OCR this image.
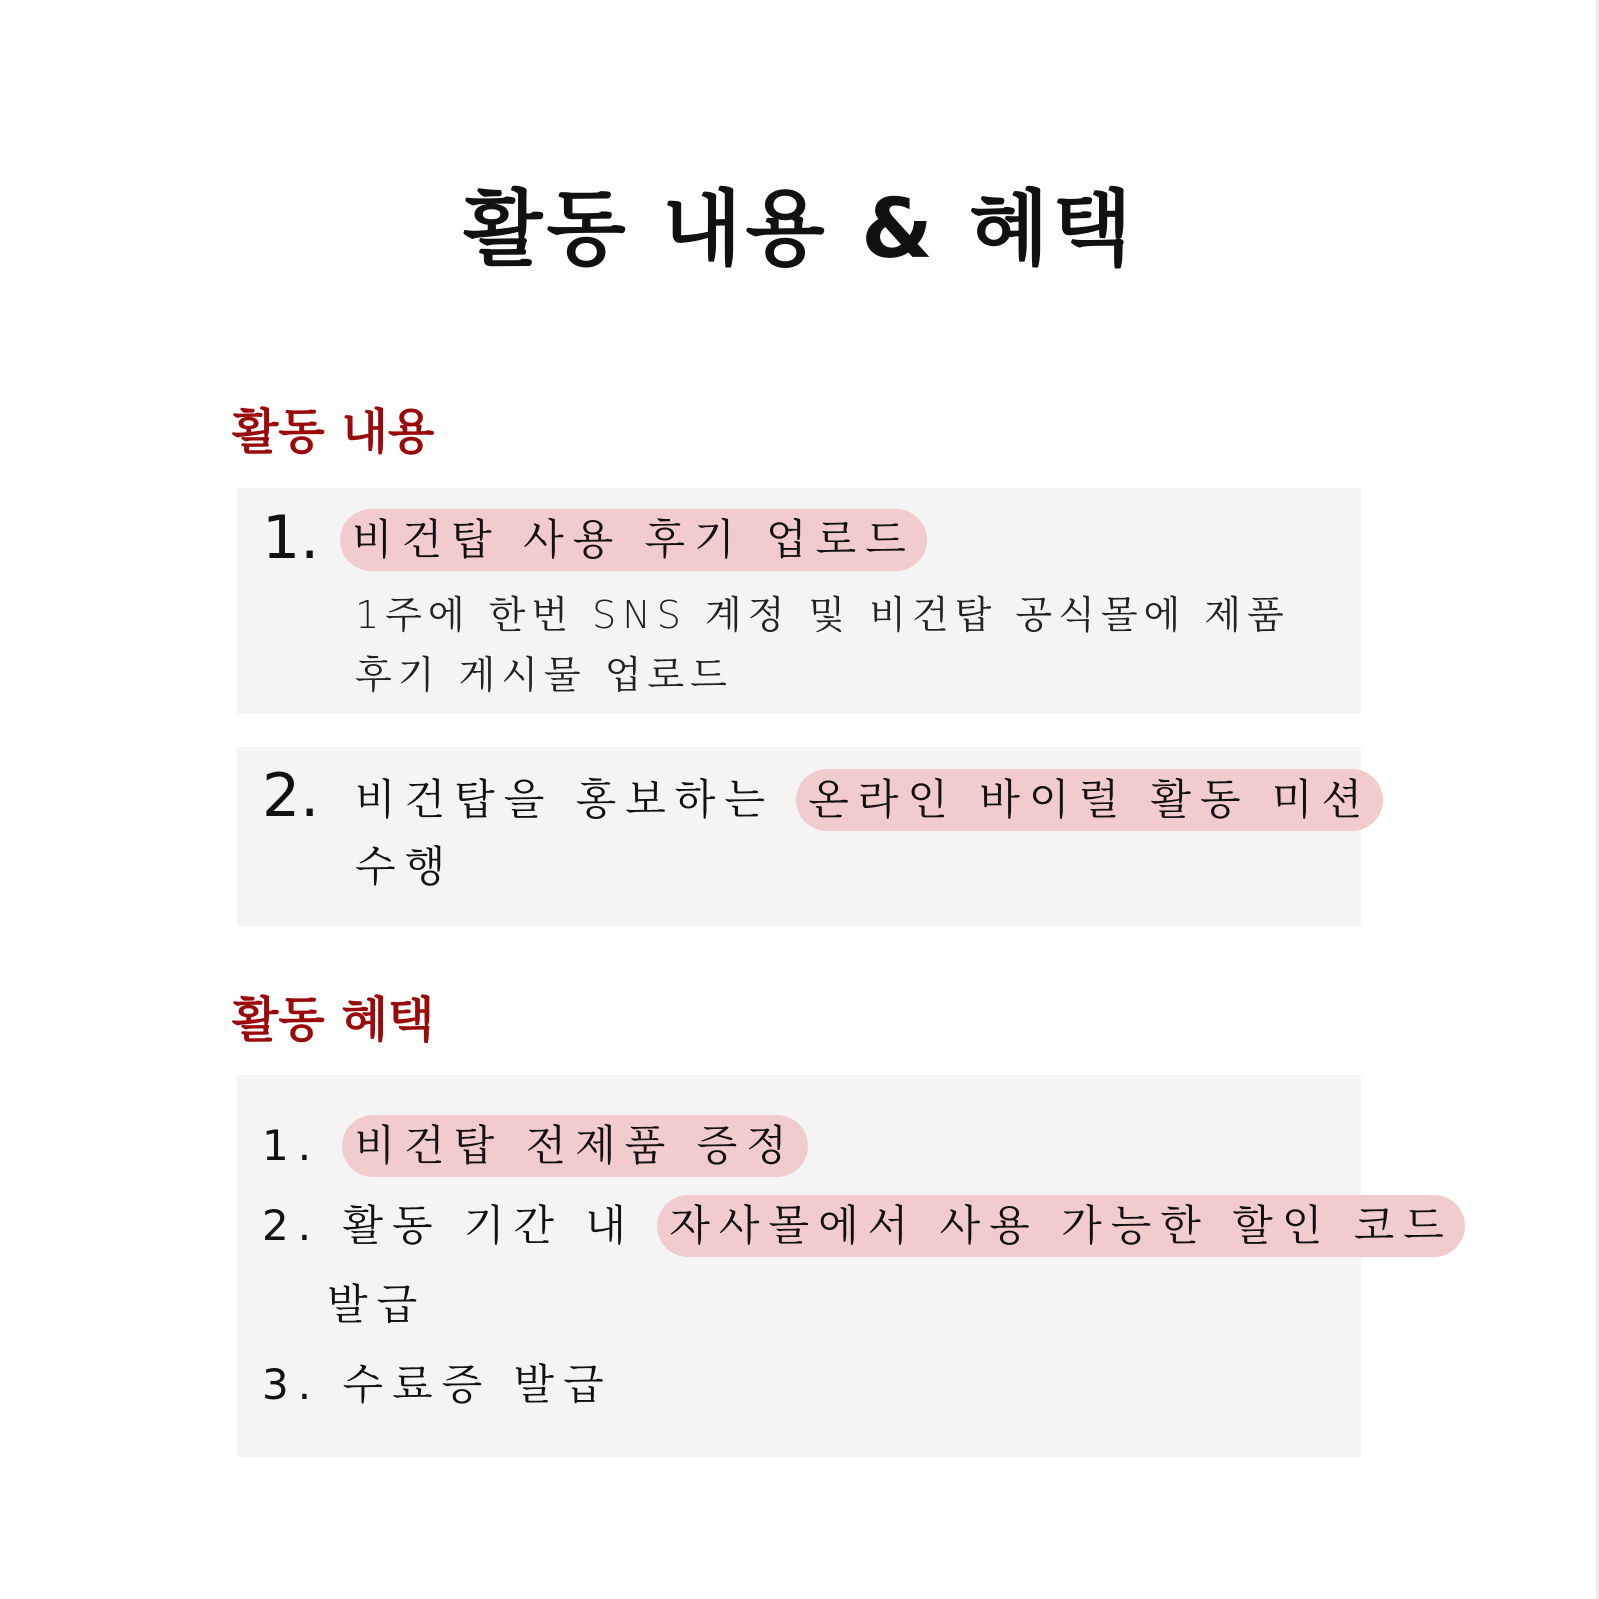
활동 내용 & 혜택
활동 내용
1. 비건탑 사용 후기 업로드
1주에 한번 SNS 계정 및 비건탑 공식몰에 제품
후기 게시물 업로드
2. 비건탑을 홍보하는 온라인 바이럴 활동 미션
수행
활동 혜택
1. 비건탑 전제품 증정
2. 활동 기간 내 자사몰에서 사용 가능한 할인 코드
발급
3. 수료증 발급
